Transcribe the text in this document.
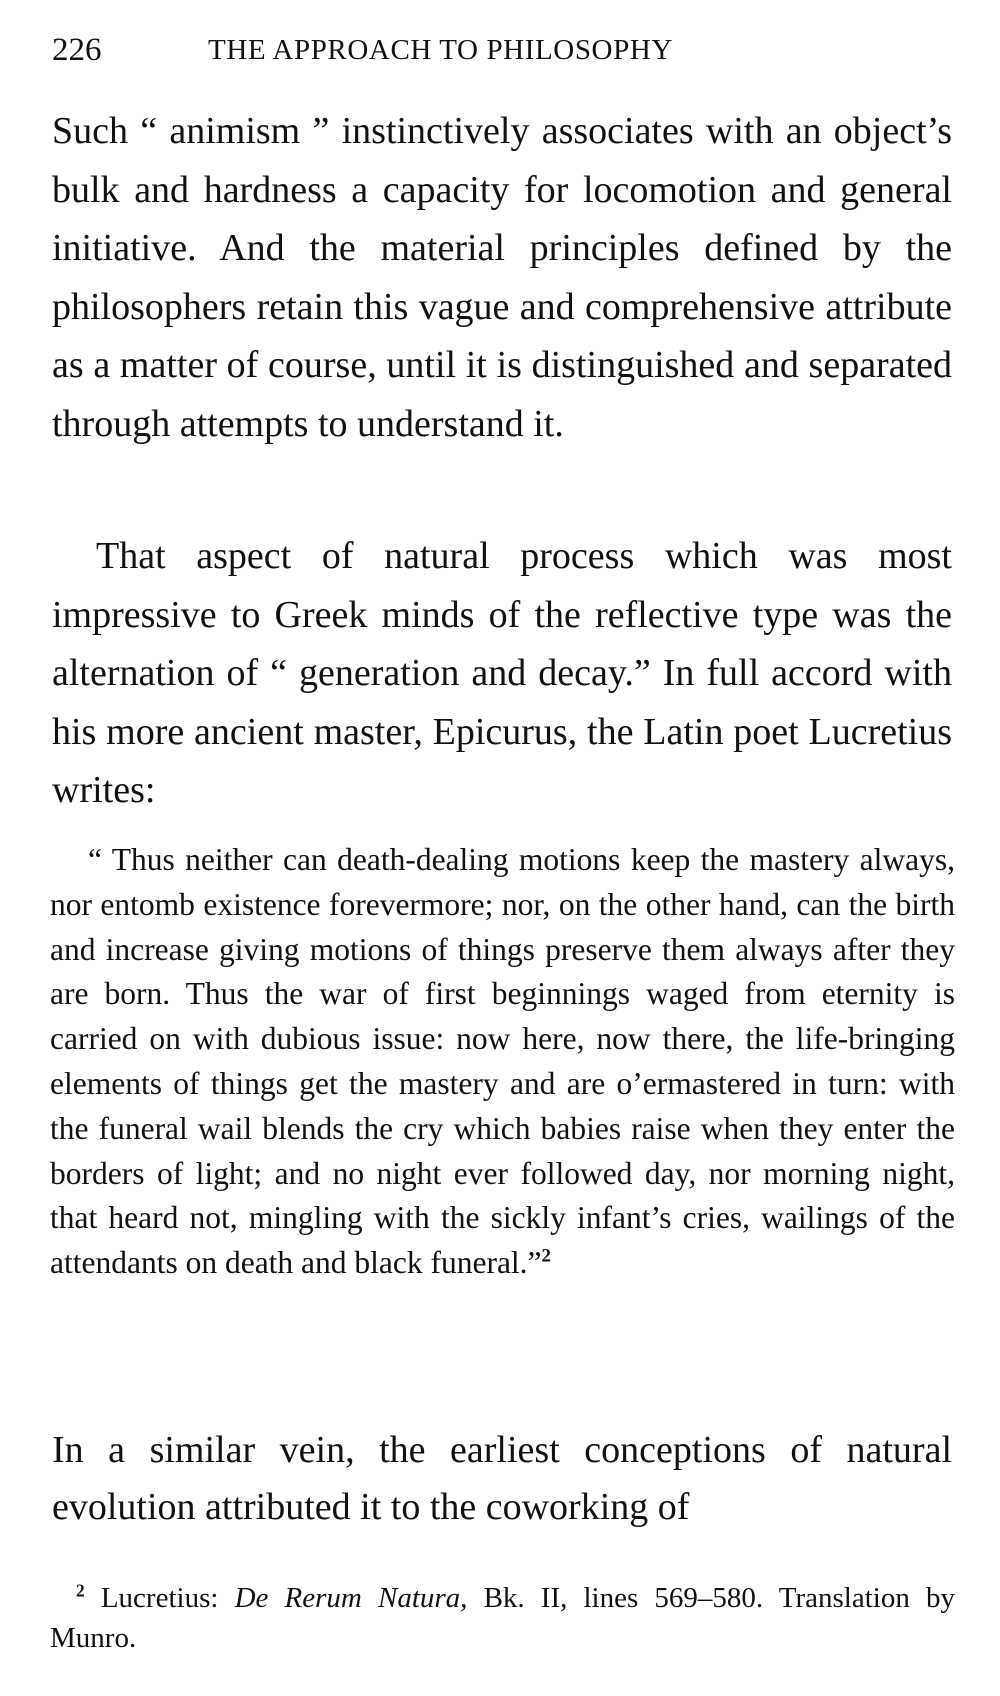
226	THE APPROACH TO PHILOSOPHY

Such “ animism ” instinctively associates with an object’s bulk and hardness a capacity for locomotion and general initiative. And the material principles defined by the philosophers retain this vague and comprehensive attribute as a matter of course, until it is distinguished and separated through attempts to understand it.

That aspect of natural process which was most impressive to Greek minds of the reflective type was the alternation of “ generation and decay.” In full accord with his more ancient master, Epicurus, the Latin poet Lucretius writes:

“ Thus neither can death-dealing motions keep the mastery always, nor entomb existence forevermore; nor, on the other hand, can the birth and increase giving motions of things preserve them always after they are born. Thus the war of first beginnings waged from eternity is carried on with dubious issue: now here, now there, the life-bringing elements of things get the mastery and are o’ermastered in turn: with the funeral wail blends the cry which babies raise when they enter the borders of light; and no night ever followed day, nor morning night, that heard not, mingling with the sickly infant’s cries, wailings of the attendants on death and black funeral.”$^2$

In a similar vein, the earliest conceptions of natural evolution attributed it to the coworking of

$^2$ Lucretius: De Rerum Natura, Bk. II, lines 569–580. Translation by Munro.
